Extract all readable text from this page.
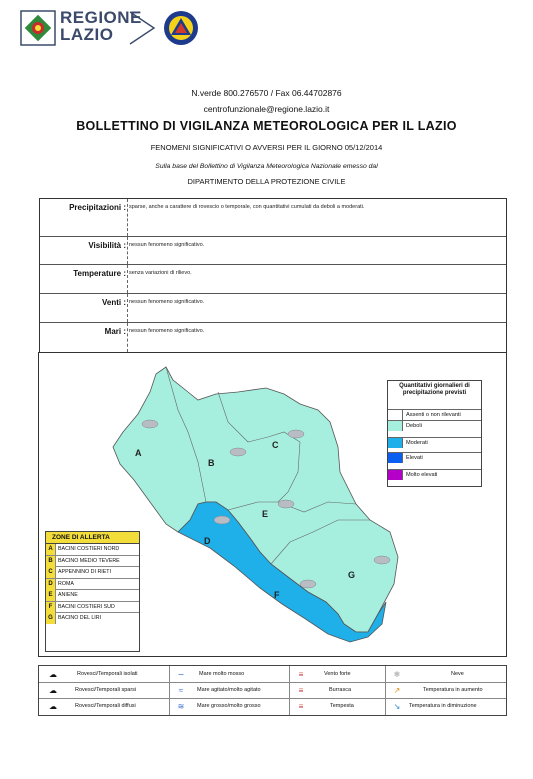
REGIONE
LAZIO
N.verde 800.276570 / Fax 06.44702876
centrofunzionale@regione.lazio.it
BOLLETTINO DI VIGILANZA METEOROLOGICA PER IL LAZIO
FENOMENI SIGNIFICATIVI O AVVERSI PER IL GIORNO 05/12/2014
Sulla base del Bollettino di Vigilanza Meteorologica Nazionale emesso dal
DIPARTIMENTO DELLA PROTEZIONE CIVILE
Precipitazioni : sparse, anche a carattere di rovescio o temporale, con quantitativi cumulati da deboli a moderati.
Visibilità : nessun fenomeno significativo.
Temperature : senza variazioni di rilievo.
Venti : nessun fenomeno significativo.
Mari : nessun fenomeno significativo.
A
B
C
D
E
F
G
Quantitativi giornalieri di precipitazione previsti
Assenti o non rilevanti
Deboli
Moderati
Elevati
Molto elevati
ZONE DI ALLERTA
A	BACINI COSTIERI NORD
B	BACINO MEDIO TEVERE
C	APPENNINO DI RIETI
D	ROMA
E	ANIENE
F	BACINI COSTIERI SUD
G BACINO DEL LIRI
☁	Rovesci/Temporali isolati	∼	Mare molto mosso	≡	Vento forte	❄	Neve
☁	Rovesci/Temporali sparsi	≈	Mare agitato/molto agitato	≡	Burrasca	↗	Temperatura in aumento
☁	Rovesci/Temporali diffusi	≋	Mare grosso/molto grosso	≡	Tempesta	↘	Temperatura in diminuzione
